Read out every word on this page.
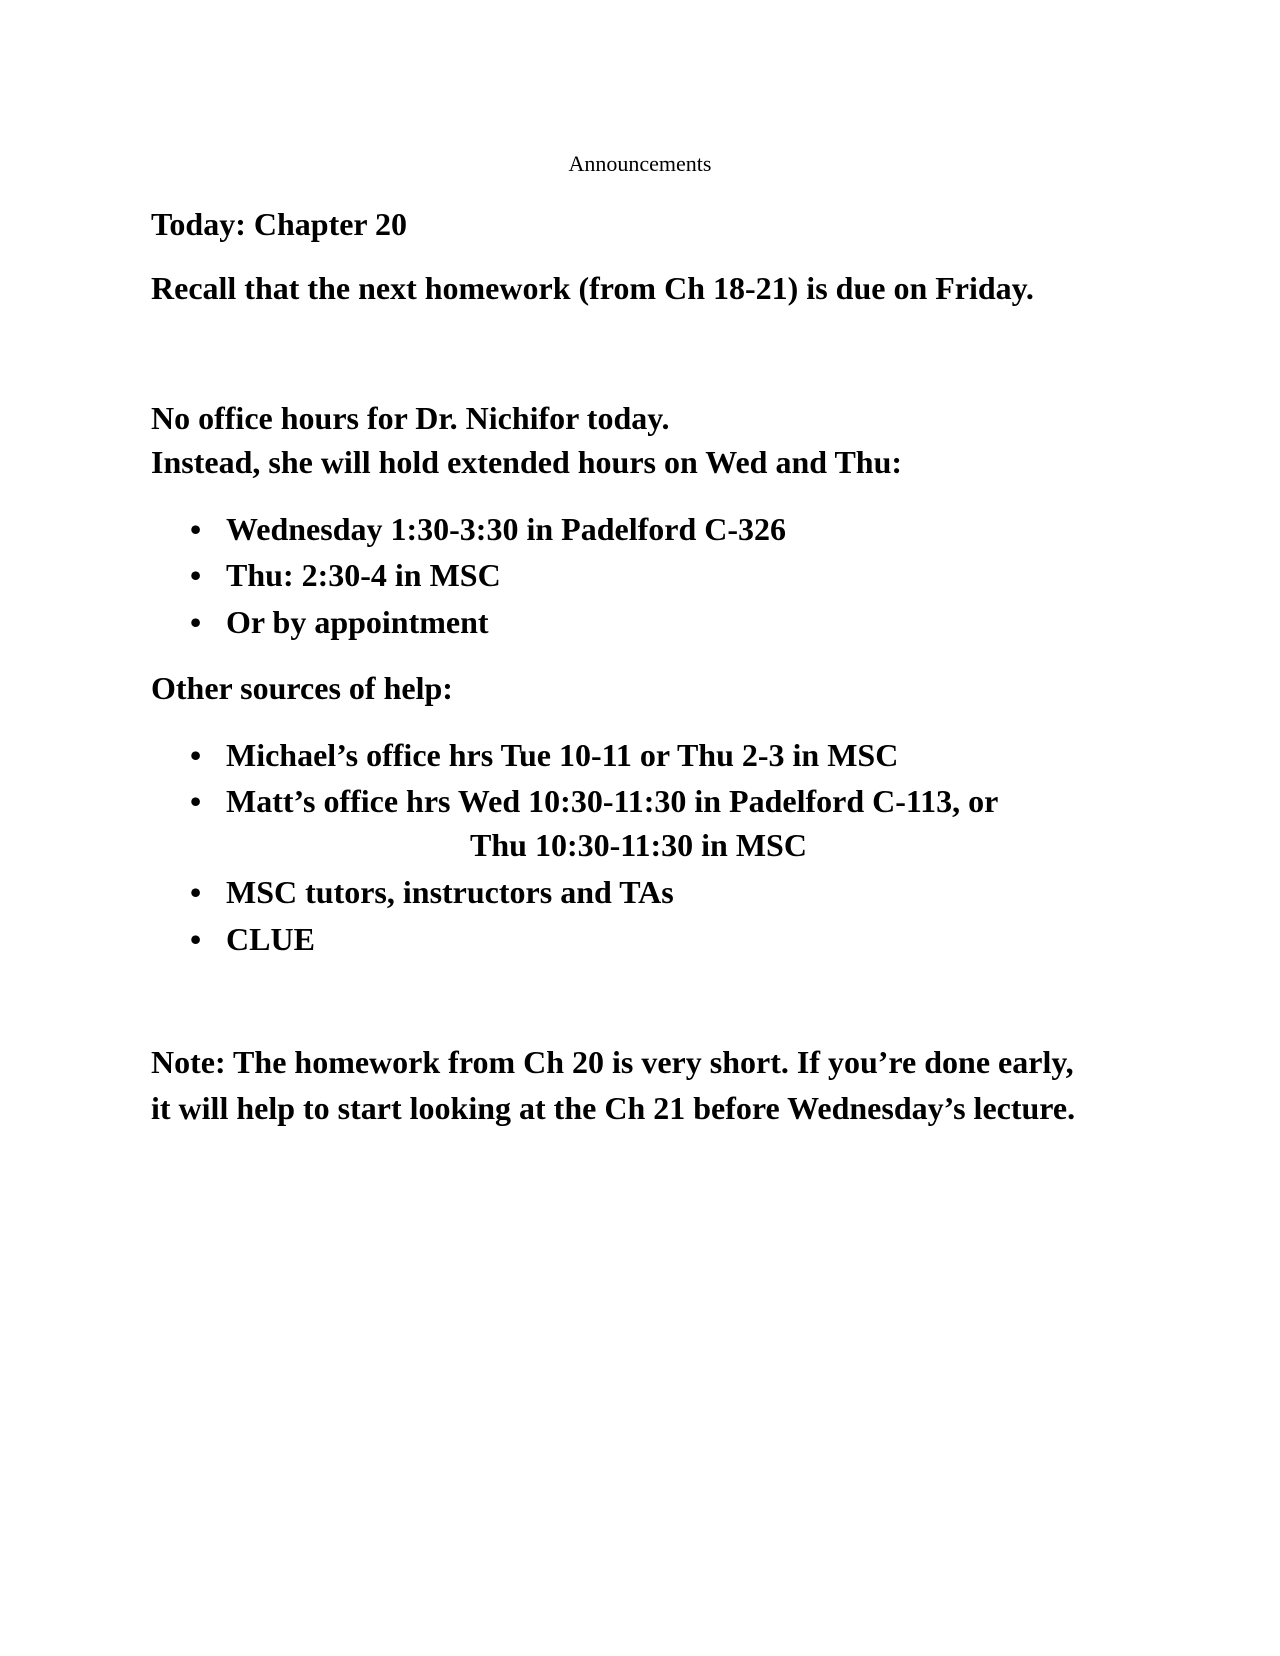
Announcements
Today: Chapter 20
Recall that the next homework (from Ch 18-21) is due on Friday.
No office hours for Dr. Nichifor today.
Instead, she will hold extended hours on Wed and Thu:
• Wednesday 1:30-3:30 in Padelford C-326
• Thu: 2:30-4 in MSC
• Or by appointment
Other sources of help:
• Michael’s office hrs Tue 10-11 or Thu 2-3 in MSC
• Matt’s office hrs Wed 10:30-11:30 in Padelford C-113, or
Thu 10:30-11:30 in MSC
• MSC tutors, instructors and TAs
• CLUE
Note: The homework from Ch 20 is very short. If you’re done early,
it will help to start looking at the Ch 21 before Wednesday’s lecture.
